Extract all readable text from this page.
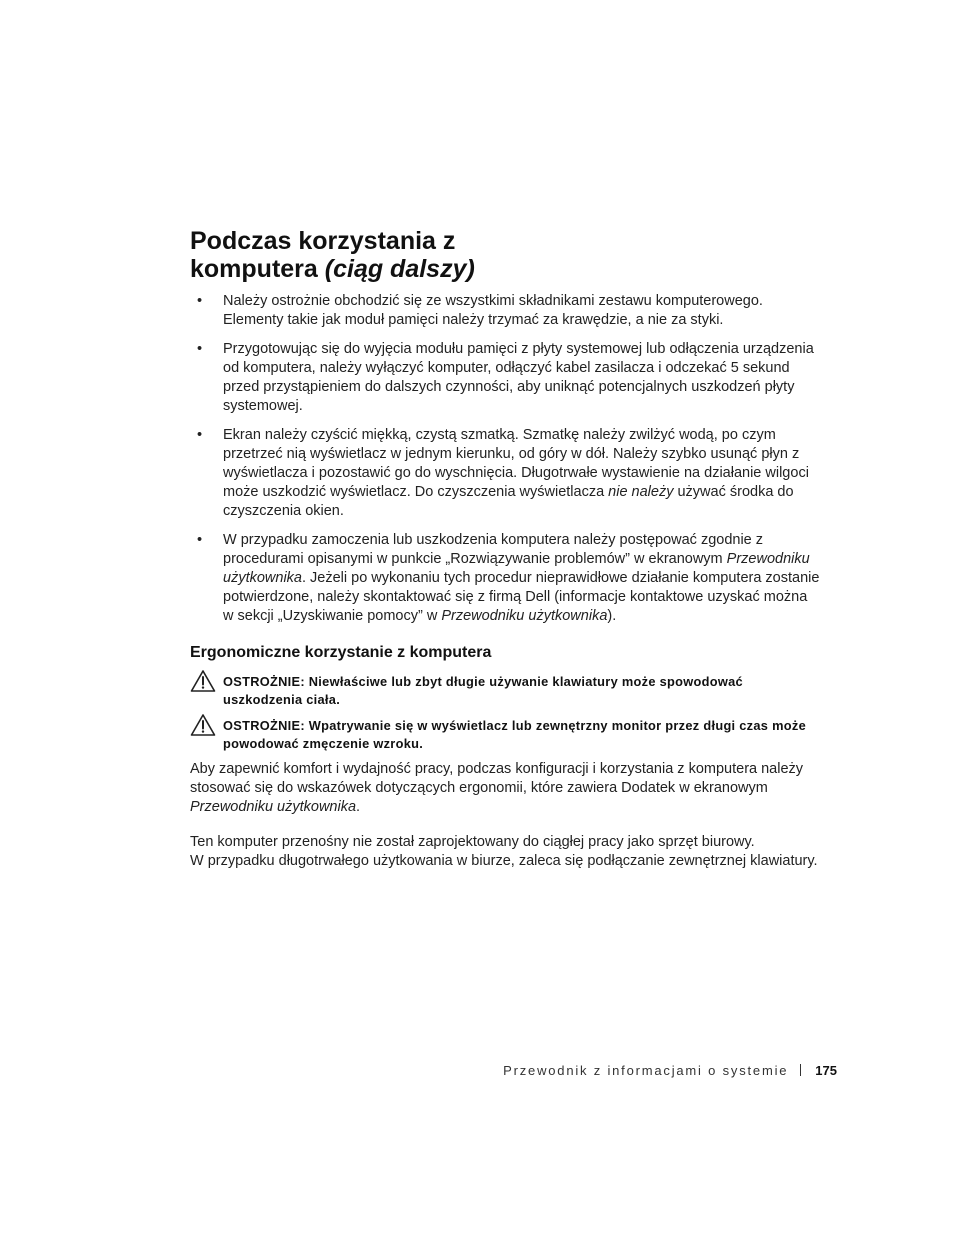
Podczas korzystania z
komputera (ciąg dalszy)
• Należy ostrożnie obchodzić się ze wszystkimi składnikami zestawu komputerowego. Elementy takie jak moduł pamięci należy trzymać za krawędzie, a nie za styki.
• Przygotowując się do wyjęcia modułu pamięci z płyty systemowej lub odłączenia urządzenia od komputera, należy wyłączyć komputer, odłączyć kabel zasilacza i odczekać 5 sekund przed przystąpieniem do dalszych czynności, aby uniknąć potencjalnych uszkodzeń płyty systemowej.
• Ekran należy czyścić miękką, czystą szmatką. Szmatkę należy zwilżyć wodą, po czym przetrzeć nią wyświetlacz w jednym kierunku, od góry w dół. Należy szybko usunąć płyn z wyświetlacza i pozostawić go do wyschnięcia. Długotrwałe wystawienie na działanie wilgoci może uszkodzić wyświetlacz. Do czyszczenia wyświetlacza nie należy używać środka do czyszczenia okien.
• W przypadku zamoczenia lub uszkodzenia komputera należy postępować zgodnie z procedurami opisanymi w punkcie „Rozwiązywanie problemów” w ekranowym Przewodniku użytkownika. Jeżeli po wykonaniu tych procedur nieprawidłowe działanie komputera zostanie potwierdzone, należy skontaktować się z firmą Dell (informacje kontaktowe uzyskać można w sekcji „Uzyskiwanie pomocy” w Przewodniku użytkownika).
Ergonomiczne korzystanie z komputera
OSTROŻNIE: Niewłaściwe lub zbyt długie używanie klawiatury może spowodować uszkodzenia ciała.
OSTROŻNIE: Wpatrywanie się w wyświetlacz lub zewnętrzny monitor przez długi czas może powodować zmęczenie wzroku.

Aby zapewnić komfort i wydajność pracy, podczas konfiguracji i korzystania z komputera należy stosować się do wskazówek dotyczących ergonomii, które zawiera Dodatek w ekranowym Przewodniku użytkownika.

Ten komputer przenośny nie został zaprojektowany do ciągłej pracy jako sprzęt biurowy.
W przypadku długotrwałego użytkowania w biurze, zaleca się podłączanie zewnętrznej klawiatury.

Przewodnik z informacjami o systemie 175
